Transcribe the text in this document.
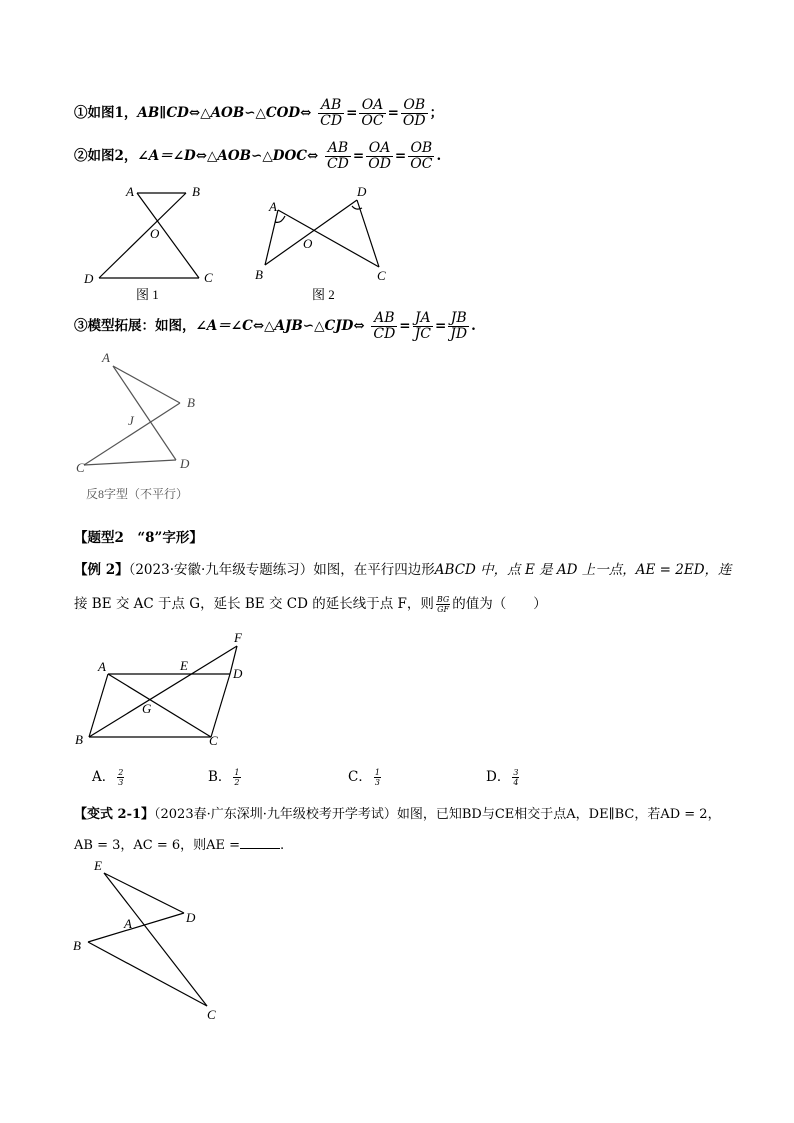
①如图1，AB∥CD⇔△AOB∽△COD⇔ $\frac{AB}{CD} = \frac{OA}{OC} = \frac{OB}{OD}$ ；
②如图2，∠A＝∠D⇔△AOB∽△DOC⇔ $\frac{AB}{CD} = \frac{OA}{OD} = \frac{OB}{OC}$ .
A	B
O
D	C
图 1
A
D
O
B	C
图 2
③模型拓展：如图，∠A＝∠C⇔△AJB∽△CJD⇔ $\frac{AB}{CD} = \frac{JA}{JC} = \frac{JB}{JD}$ .
A
B
J
C	D
反8字型（不平行）
【题型2　“8”字形】
【例 2】（2023·安徽·九年级专题练习）如图，在平行四边形ABCD 中，点 E 是 AD 上一点，AE = 2ED，连
接 BE 交 AC 于点 G，延长 BE 交 CD 的延长线于点 F，则 $\frac{BG}{GF}$ 的值为（　　）
A	E
F
D
G
B	C
A． $\frac{2}{3}$	B． $\frac{1}{2}$	C． $\frac{1}{3}$	D． $\frac{3}{4}$
【变式 2-1】（2023春·广东深圳·九年级校考开学考试）如图，已知BD与CE相交于点A，DE∥BC，若AD = 2，
AB = 3，AC = 6，则AE =	.
E
A	D
B
C
